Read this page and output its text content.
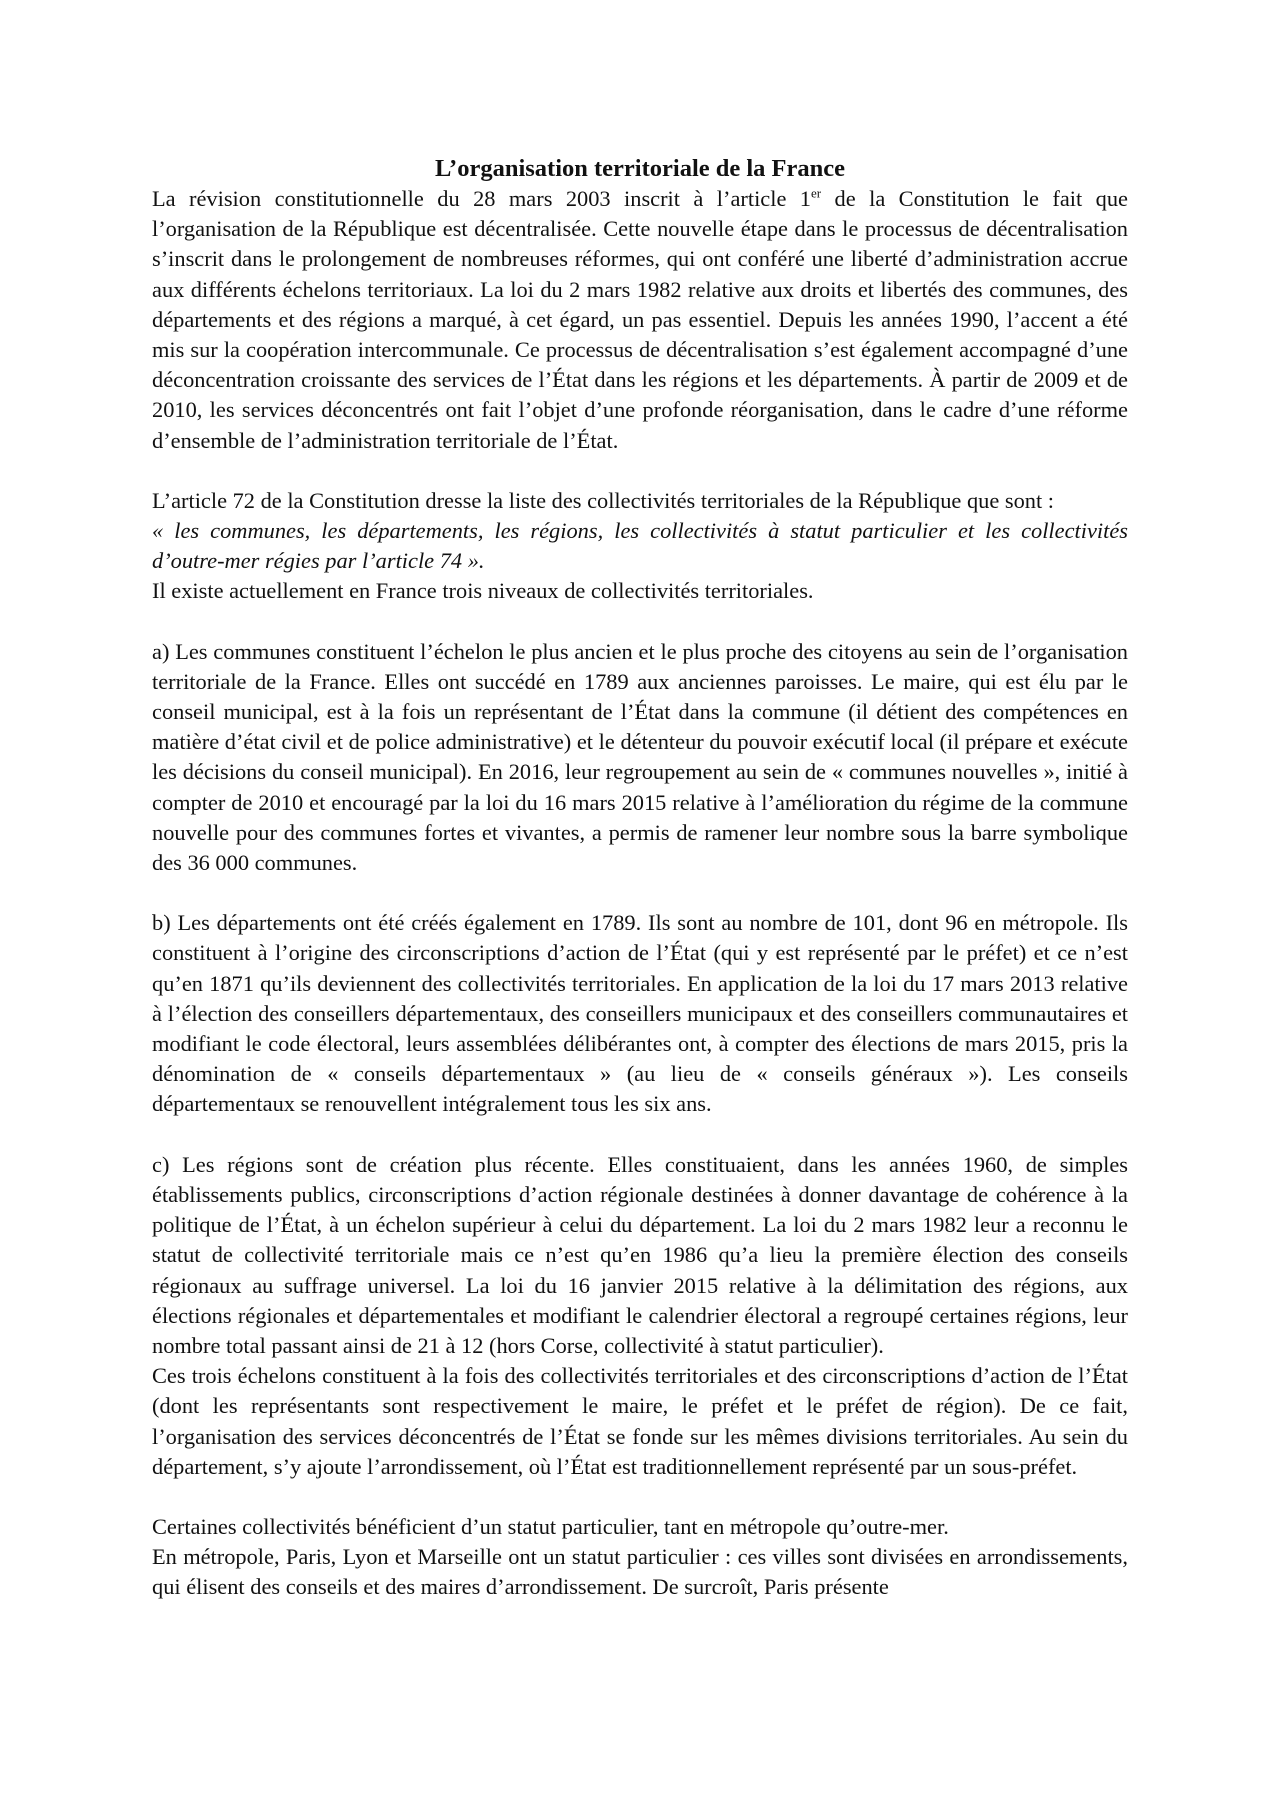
L’organisation territoriale de la France

La révision constitutionnelle du 28 mars 2003 inscrit à l’article 1er de la Constitution le fait que l’organisation de la République est décentralisée. Cette nouvelle étape dans le processus de décentralisation s’inscrit dans le prolongement de nombreuses réformes, qui ont conféré une liberté d’administration accrue aux différents échelons territoriaux. La loi du 2 mars 1982 relative aux droits et libertés des communes, des départements et des régions a marqué, à cet égard, un pas essentiel. Depuis les années 1990, l’accent a été mis sur la coopération intercommunale. Ce processus de décentralisation s’est également accompagné d’une déconcentration croissante des services de l’État dans les régions et les départements. À partir de 2009 et de 2010, les services déconcentrés ont fait l’objet d’une profonde réorganisation, dans le cadre d’une réforme d’ensemble de l’administration territoriale de l’État.

L’article 72 de la Constitution dresse la liste des collectivités territoriales de la République que sont :

« les communes, les départements, les régions, les collectivités à statut particulier et les collectivités d’outre-mer régies par l’article 74 ».

Il existe actuellement en France trois niveaux de collectivités territoriales.

a) Les communes constituent l’échelon le plus ancien et le plus proche des citoyens au sein de l’organisation territoriale de la France. Elles ont succédé en 1789 aux anciennes paroisses. Le maire, qui est élu par le conseil municipal, est à la fois un représentant de l’État dans la commune (il détient des compétences en matière d’état civil et de police administrative) et le détenteur du pouvoir exécutif local (il prépare et exécute les décisions du conseil municipal). En 2016, leur regroupement au sein de « communes nouvelles », initié à compter de 2010 et encouragé par la loi du 16 mars 2015 relative à l’amélioration du régime de la commune nouvelle pour des communes fortes et vivantes, a permis de ramener leur nombre sous la barre symbolique des 36 000 communes.

b) Les départements ont été créés également en 1789. Ils sont au nombre de 101, dont 96 en métropole. Ils constituent à l’origine des circonscriptions d’action de l’État (qui y est représenté par le préfet) et ce n’est qu’en 1871 qu’ils deviennent des collectivités territoriales. En application de la loi du 17 mars 2013 relative à l’élection des conseillers départementaux, des conseillers municipaux et des conseillers communautaires et modifiant le code électoral, leurs assemblées délibérantes ont, à compter des élections de mars 2015, pris la dénomination de « conseils départementaux » (au lieu de « conseils généraux »). Les conseils départementaux se renouvellent intégralement tous les six ans.

c) Les régions sont de création plus récente. Elles constituaient, dans les années 1960, de simples établissements publics, circonscriptions d’action régionale destinées à donner davantage de cohérence à la politique de l’État, à un échelon supérieur à celui du département. La loi du 2 mars 1982 leur a reconnu le statut de collectivité territoriale mais ce n’est qu’en 1986 qu’a lieu la première élection des conseils régionaux au suffrage universel. La loi du 16 janvier 2015 relative à la délimitation des régions, aux élections régionales et départementales et modifiant le calendrier électoral a regroupé certaines régions, leur nombre total passant ainsi de 21 à 12 (hors Corse, collectivité à statut particulier).

Ces trois échelons constituent à la fois des collectivités territoriales et des circonscriptions d’action de l’État (dont les représentants sont respectivement le maire, le préfet et le préfet de région). De ce fait, l’organisation des services déconcentrés de l’État se fonde sur les mêmes divisions territoriales. Au sein du département, s’y ajoute l’arrondissement, où l’État est traditionnellement représenté par un sous-préfet.

Certaines collectivités bénéficient d’un statut particulier, tant en métropole qu’outre-mer.

En métropole, Paris, Lyon et Marseille ont un statut particulier : ces villes sont divisées en arrondissements, qui élisent des conseils et des maires d’arrondissement. De surcroît, Paris présente
